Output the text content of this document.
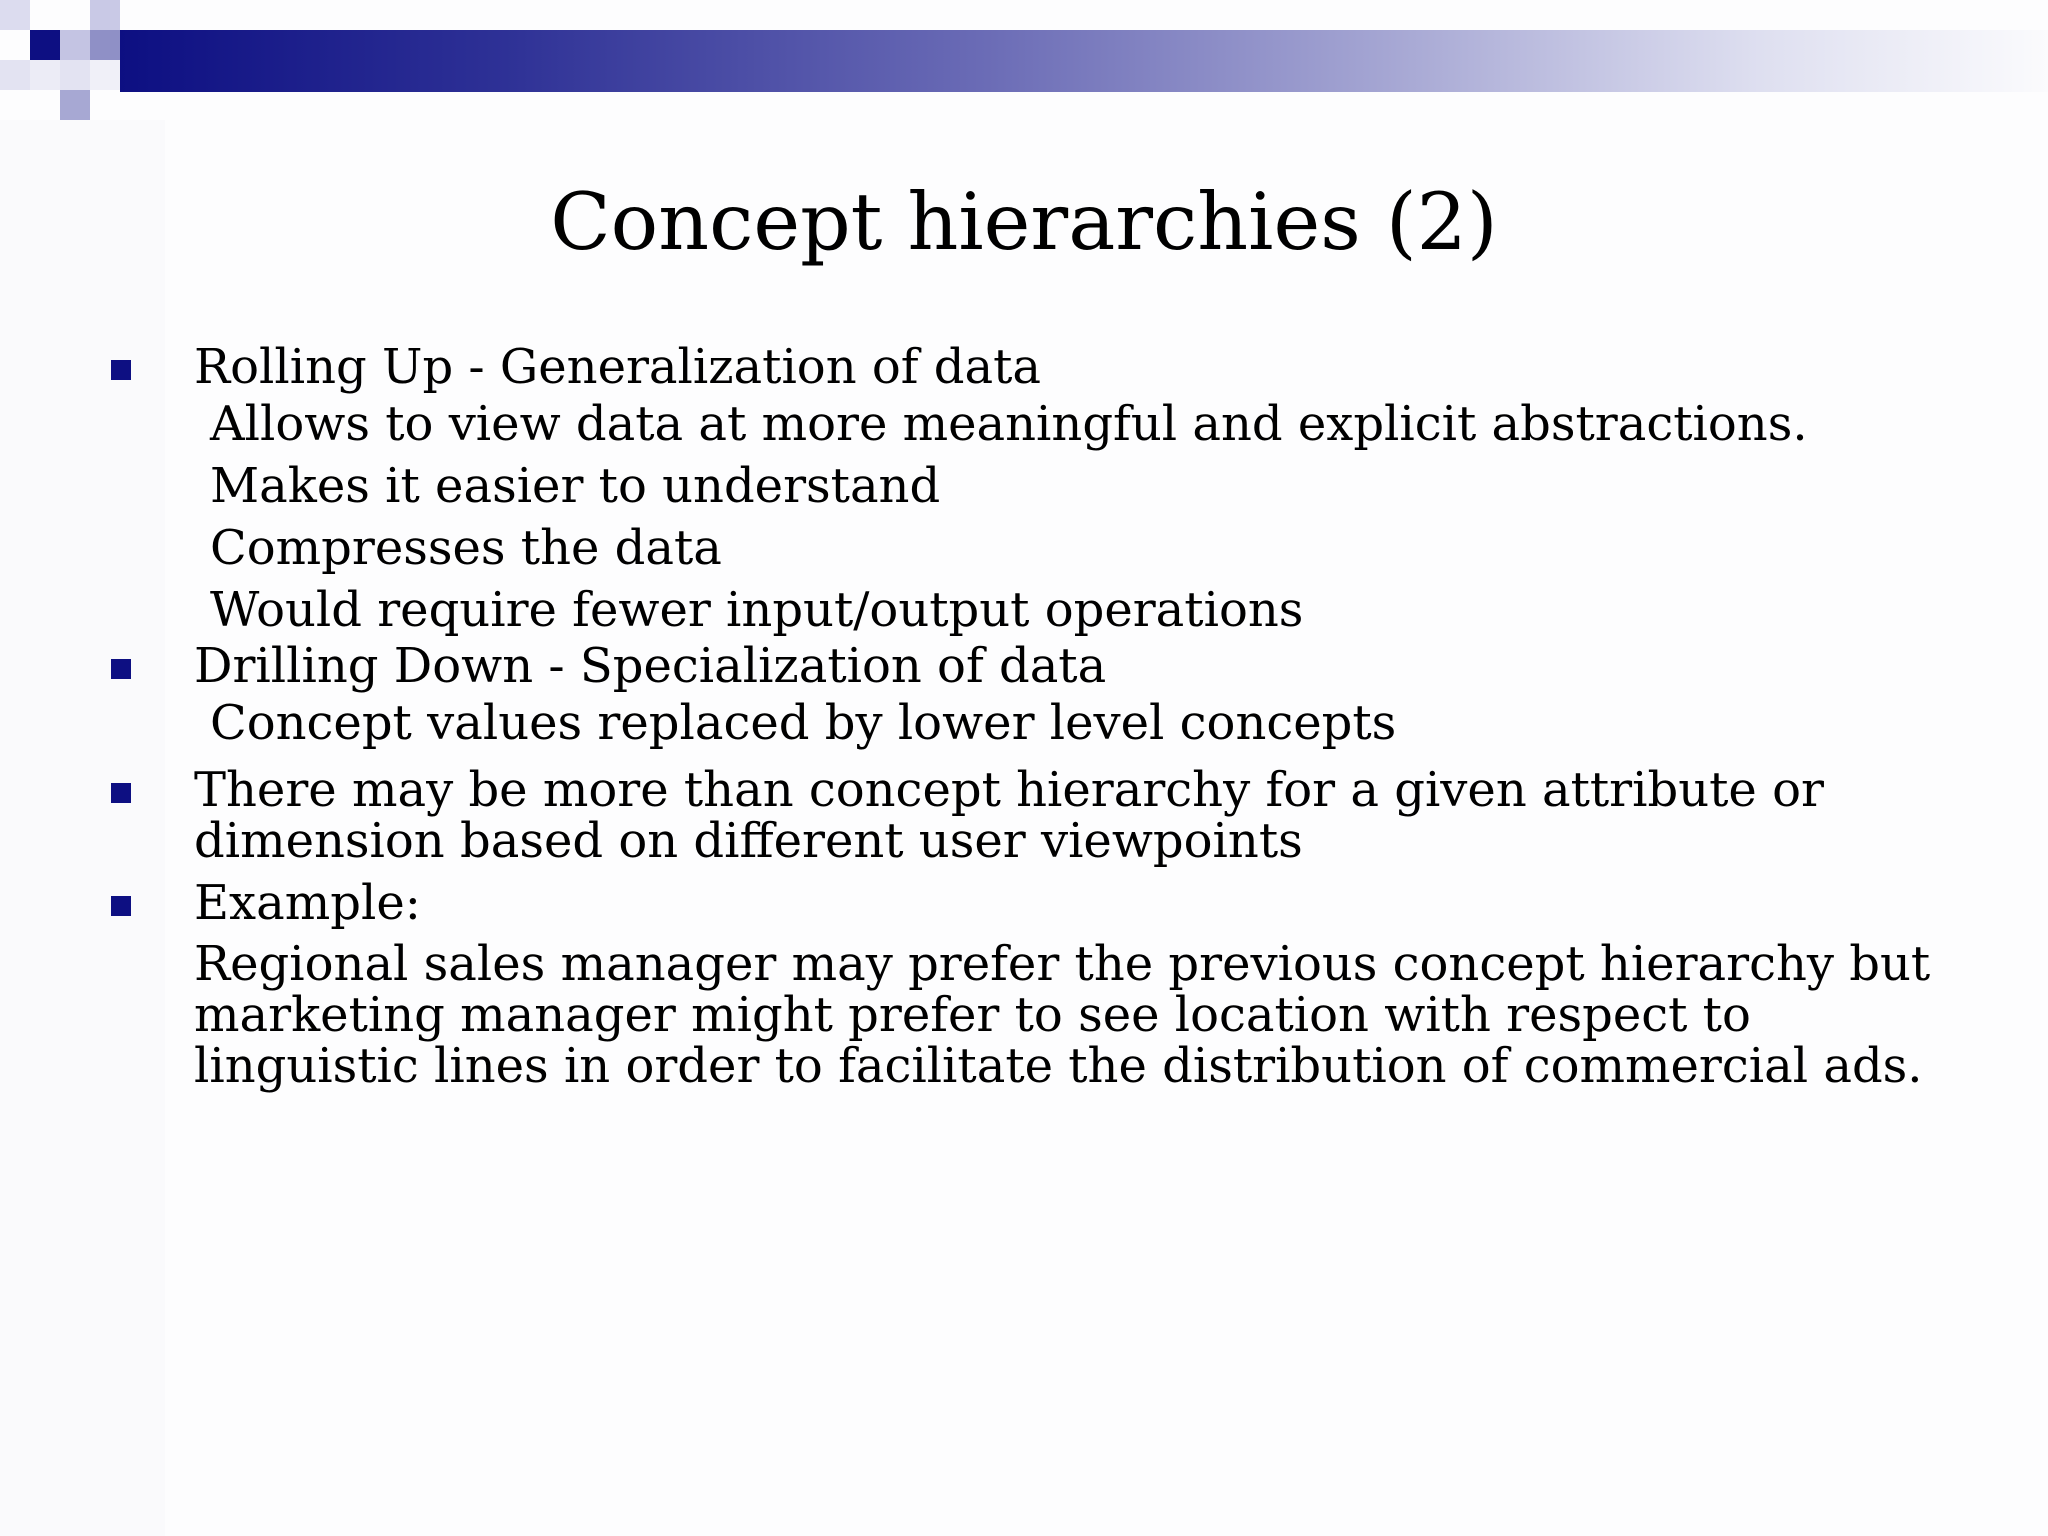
Concept hierarchies (2)
Rolling Up - Generalization of data
Allows to view data at more meaningful and explicit abstractions.
Makes it easier to understand
Compresses the data
Would require fewer input/output operations
Drilling Down - Specialization of data
Concept values replaced by lower level concepts
There may be more than concept hierarchy for a given attribute or dimension based on different user viewpoints
Example:
Regional sales manager may prefer the previous concept hierarchy but marketing manager might prefer to see location with respect to linguistic lines in order to facilitate the distribution of commercial ads.
